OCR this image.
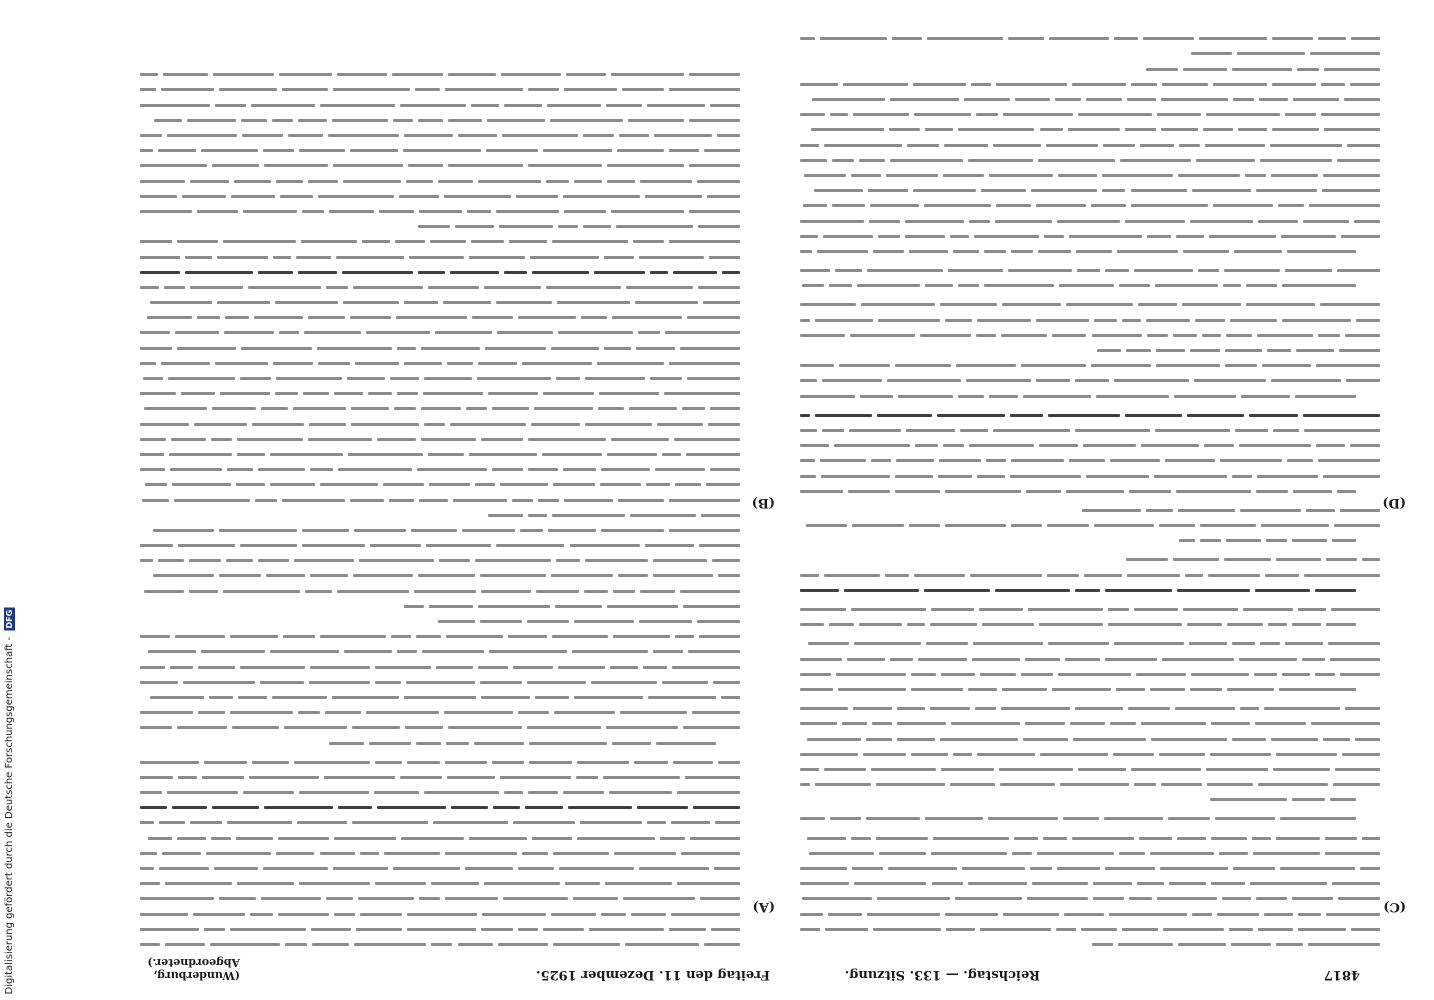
4817
Reichstag. — 133. Sitzung.
Freitag den 11. Dezember 1925.
(Wunderburg, Abgeordneter.)
(C)
(D)
(A)
(B)
Digitalisierung gefördert durch die Deutsche Forschungsgemeinschaft - DFG
